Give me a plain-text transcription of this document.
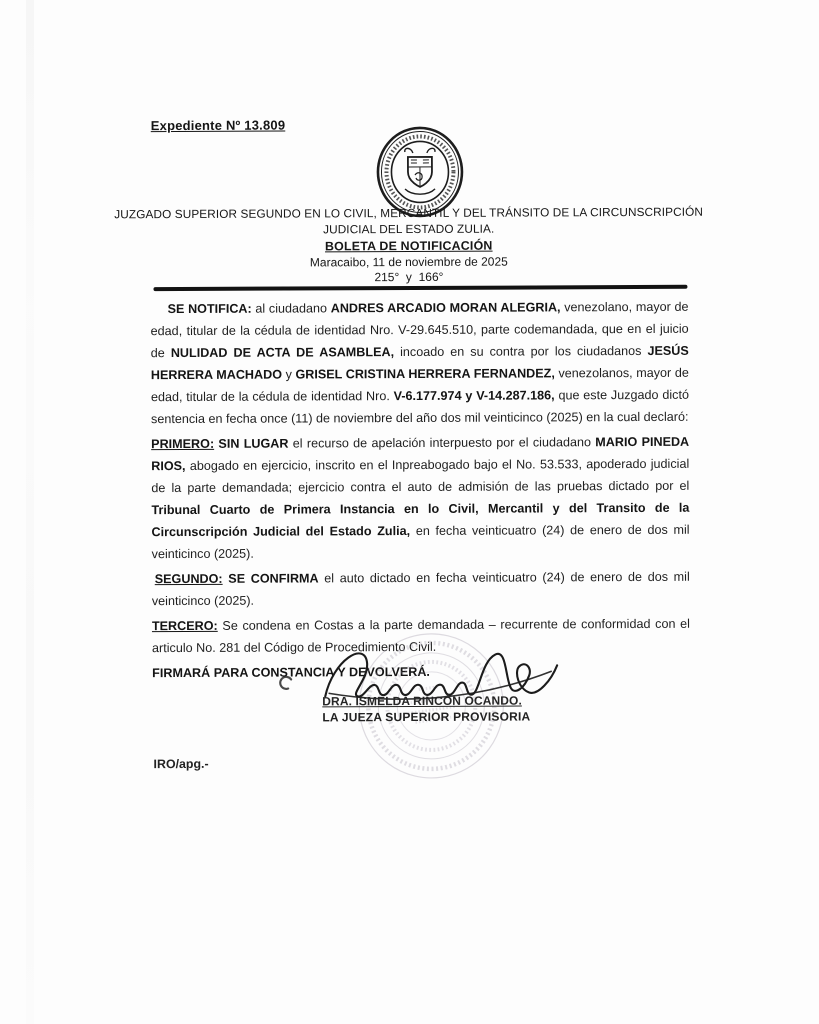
Expediente Nº 13.809
JUZGADO SUPERIOR SEGUNDO EN LO CIVIL, MERCANTIL Y DEL TRÁNSITO DE LA CIRCUNSCRIPCIÓN
JUDICIAL DEL ESTADO ZULIA.
BOLETA DE NOTIFICACIÓN
Maracaibo, 11 de noviembre de 2025
215°  y  166°

SE NOTIFICA: al ciudadano ANDRES ARCADIO MORAN ALEGRIA, venezolano, mayor de edad, titular de la cédula de identidad Nro. V-29.645.510, parte codemandada, que en el juicio de NULIDAD DE ACTA DE ASAMBLEA, incoado en su contra por los ciudadanos JESÚS HERRERA MACHADO y GRISEL CRISTINA HERRERA FERNANDEZ, venezolanos, mayor de edad, titular de la cédula de identidad Nro. V-6.177.974 y V-14.287.186, que este Juzgado dictó sentencia en fecha once (11) de noviembre del año dos mil veinticinco (2025) en la cual declaró:

PRIMERO: SIN LUGAR el recurso de apelación interpuesto por el ciudadano MARIO PINEDA RIOS, abogado en ejercicio, inscrito en el Inpreabogado bajo el No. 53.533, apoderado judicial de la parte demandada; ejercicio contra el auto de admisión de las pruebas dictado por el Tribunal Cuarto de Primera Instancia en lo Civil, Mercantil y del Transito de la Circunscripción Judicial del Estado Zulia, en fecha veinticuatro (24) de enero de dos mil veinticinco (2025).

SEGUNDO: SE CONFIRMA el auto dictado en fecha veinticuatro (24) de enero de dos mil veinticinco (2025).

TERCERO: Se condena en Costas a la parte demandada – recurrente de conformidad con el articulo No. 281 del Código de Procedimiento Civil.

FIRMARÁ PARA CONSTANCIA Y DEVOLVERÁ.

DRA. ISMELDA RINCÓN OCANDO.
LA JUEZA SUPERIOR PROVISORIA
IRO/apg.-
